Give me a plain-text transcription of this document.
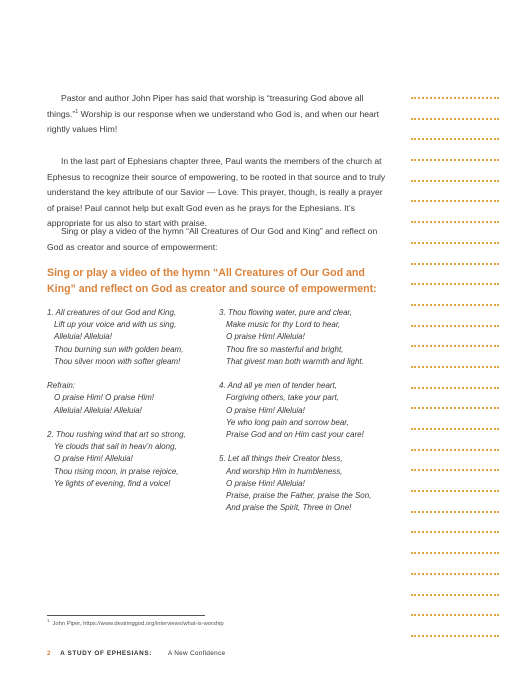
Pastor and author John Piper has said that worship is “treasuring God above all things.”$^1$ Worship is our response when we understand who God is, and when our heart rightly values Him!

In the last part of Ephesians chapter three, Paul wants the members of the church at Ephesus to recognize their source of empowering, to be rooted in that source and to truly understand the key attribute of our Savior — Love. This prayer, though, is really a prayer of praise! Paul cannot help but exalt God even as he prays for the Ephesians. It’s appropriate for us also to start with praise.

Sing or play a video of the hymn “All Creatures of Our God and King” and reflect on God as creator and source of empowerment:

Sing or play a video of the hymn “All Creatures of Our God and King” and reflect on God as creator and source of empowerment:

1. All creatures of our God and King,
Lift up your voice and with us sing,
Alleluia! Alleluia!
Thou burning sun with golden beam,
Thou silver moon with softer gleam!
Refrain:
O praise Him! O praise Him!
Alleluia! Alleluia! Alleluia!
2. Thou rushing wind that art so strong,
Ye clouds that sail in heav’n along,
O praise Him! Alleluia!
Thou rising moon, in praise rejoice,
Ye lights of evening, find a voice!
3. Thou flowing water, pure and clear,
Make music for thy Lord to hear,
O praise Him! Alleluia!
Thou fire so masterful and bright,
That givest man both warmth and light.
4. And all ye men of tender heart,
Forgiving others, take your part,
O praise Him! Alleluia!
Ye who long pain and sorrow bear,
Praise God and on Him cast your care!
5. Let all things their Creator bless,
And worship Him in humbleness,
O praise Him! Alleluia!
Praise, praise the Father, praise the Son,
And praise the Spirit, Three in One!
$^1$John Piper, https://www.desiringgod.org/interviews/what-is-worship
2 A STUDY OF EPHESIANS:	A New Confidence
